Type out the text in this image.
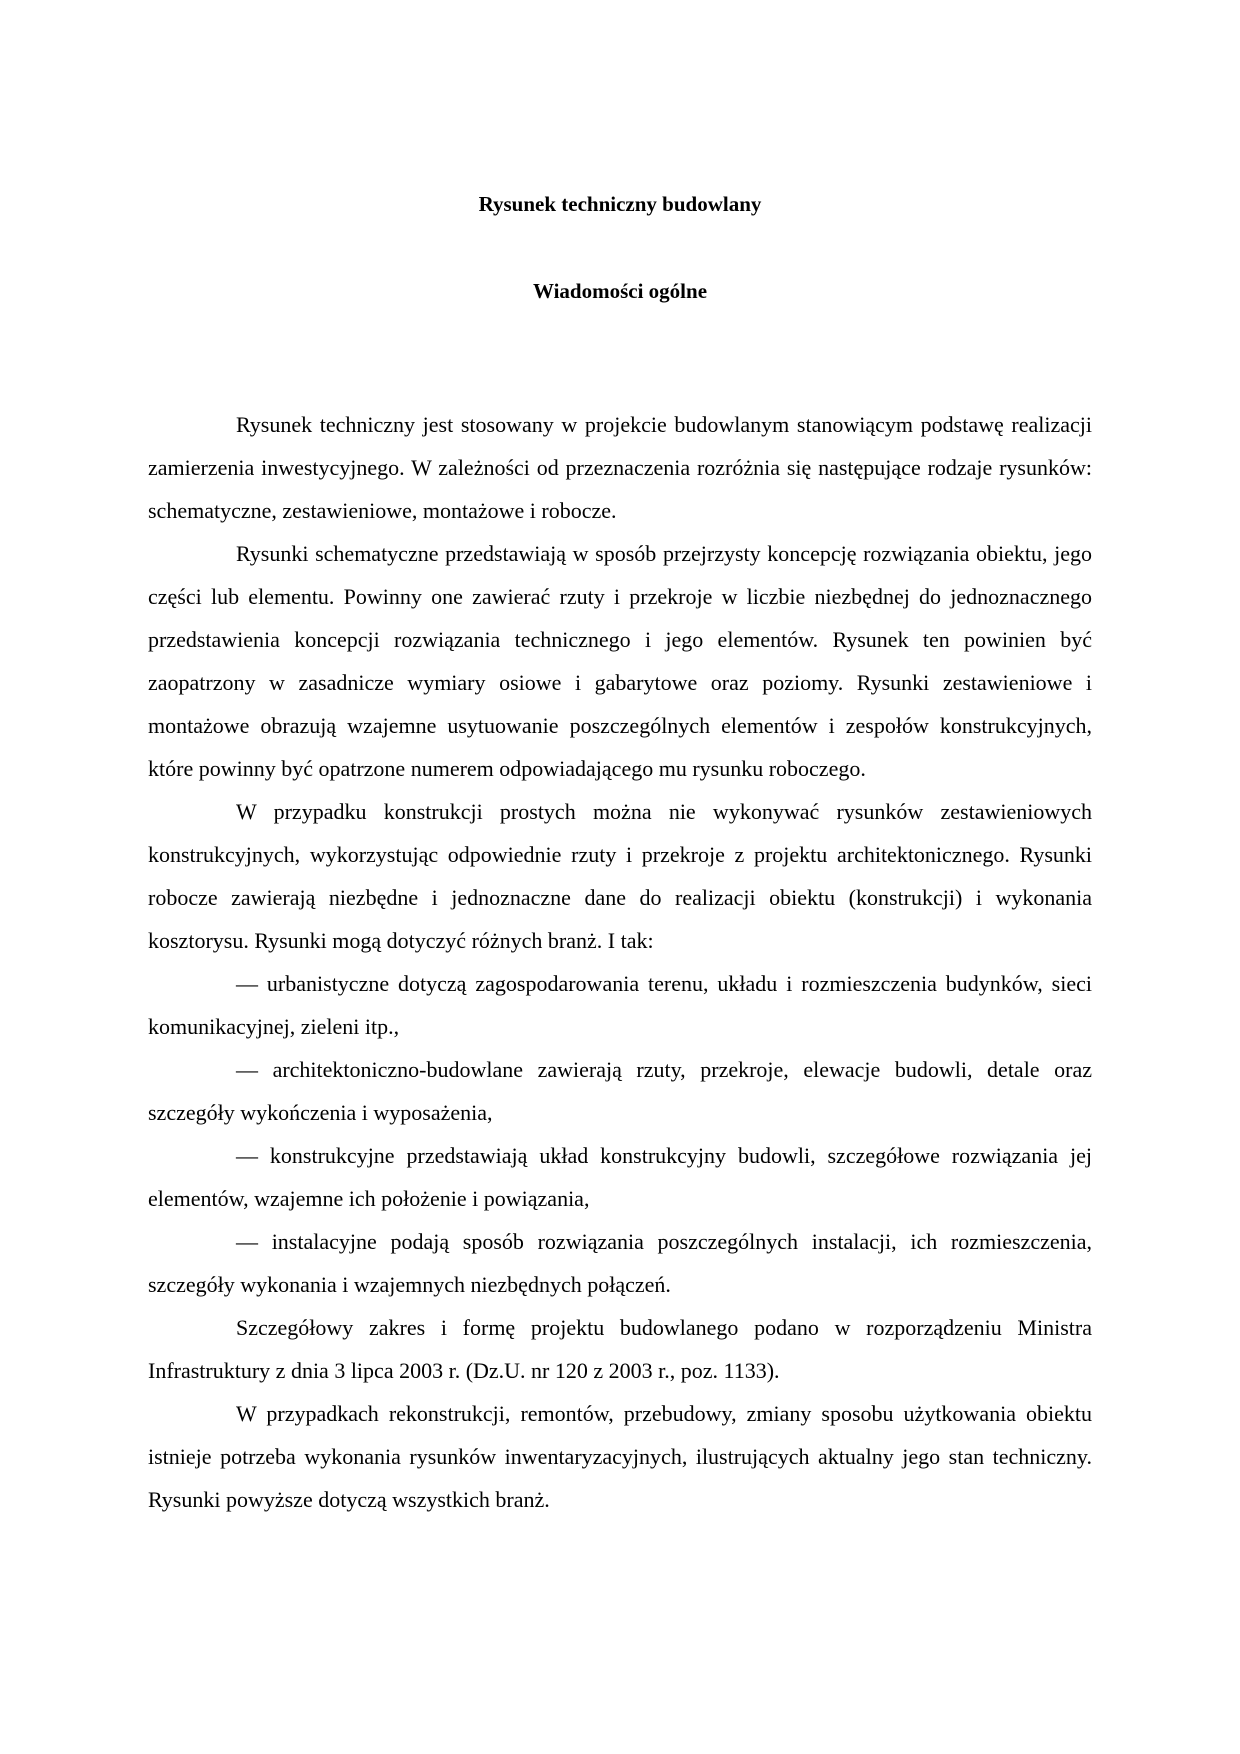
Rysunek techniczny budowlany
Wiadomości ogólne

Rysunek techniczny jest stosowany w projekcie budowlanym stanowiącym podstawę realizacji zamierzenia inwestycyjnego. W zależności od przeznaczenia rozróżnia się następujące rodzaje rysunków: schematyczne, zestawieniowe, montażowe i robocze.

Rysunki schematyczne przedstawiają w sposób przejrzysty koncepcję rozwiązania obiektu, jego części lub elementu. Powinny one zawierać rzuty i przekroje w liczbie niezbędnej do jednoznacznego przedstawienia koncepcji rozwiązania technicznego i jego elementów. Rysunek ten powinien być zaopatrzony w zasadnicze wymiary osiowe i gabarytowe oraz poziomy. Rysunki zestawieniowe i montażowe obrazują wzajemne usytuowanie poszczególnych elementów i zespołów konstrukcyjnych, które powinny być opatrzone numerem odpowiadającego mu rysunku roboczego.

W przypadku konstrukcji prostych można nie wykonywać rysunków zestawieniowych konstrukcyjnych, wykorzystując odpowiednie rzuty i przekroje z projektu architektonicznego. Rysunki robocze zawierają niezbędne i jednoznaczne dane do realizacji obiektu (konstrukcji) i wykonania kosztorysu. Rysunki mogą dotyczyć różnych branż. I tak:

— urbanistyczne dotyczą zagospodarowania terenu, układu i rozmieszczenia budynków, sieci komunikacyjnej, zieleni itp.,

— architektoniczno-budowlane zawierają rzuty, przekroje, elewacje budowli, detale oraz szczegóły wykończenia i wyposażenia,

— konstrukcyjne przedstawiają układ konstrukcyjny budowli, szczegółowe rozwiązania jej elementów, wzajemne ich położenie i powiązania,

— instalacyjne podają sposób rozwiązania poszczególnych instalacji, ich rozmieszczenia, szczegóły wykonania i wzajemnych niezbędnych połączeń.

Szczegółowy zakres i formę projektu budowlanego podano w rozporządzeniu Ministra Infrastruktury z dnia 3 lipca 2003 r. (Dz.U. nr 120 z 2003 r., poz. 1133).

W przypadkach rekonstrukcji, remontów, przebudowy, zmiany sposobu użytkowania obiektu istnieje potrzeba wykonania rysunków inwentaryzacyjnych, ilustrujących aktualny jego stan techniczny. Rysunki powyższe dotyczą wszystkich branż.
